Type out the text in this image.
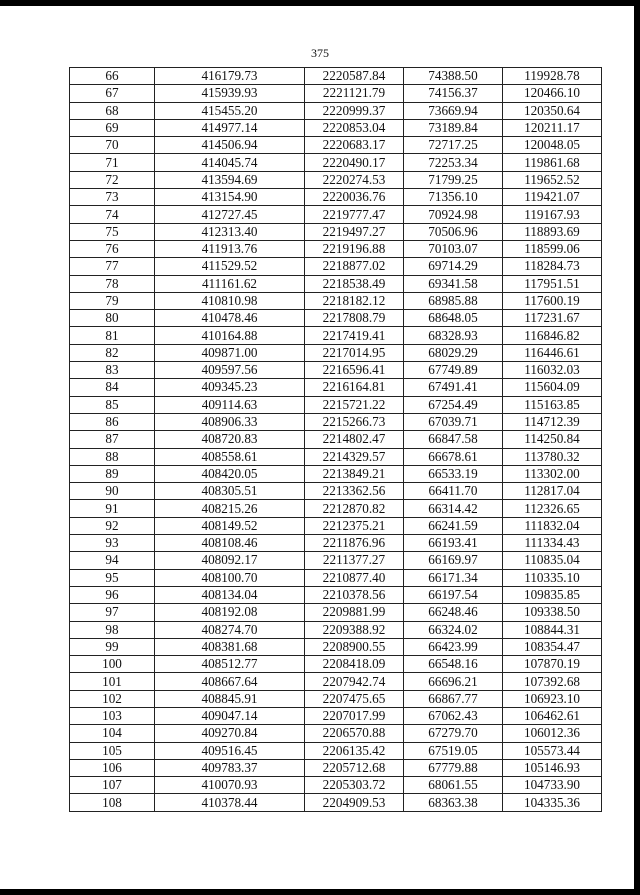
375
66	416179.73	2220587.84	74388.50	119928.78
67	415939.93	2221121.79	74156.37	120466.10
68	415455.20	2220999.37	73669.94	120350.64
69	414977.14	2220853.04	73189.84	120211.17
70	414506.94	2220683.17	72717.25	120048.05
71	414045.74	2220490.17	72253.34	119861.68
72	413594.69	2220274.53	71799.25	119652.52
73	413154.90	2220036.76	71356.10	119421.07
74	412727.45	2219777.47	70924.98	119167.93
75	412313.40	2219497.27	70506.96	118893.69
76	411913.76	2219196.88	70103.07	118599.06
77	411529.52	2218877.02	69714.29	118284.73
78	411161.62	2218538.49	69341.58	117951.51
79	410810.98	2218182.12	68985.88	117600.19
80	410478.46	2217808.79	68648.05	117231.67
81	410164.88	2217419.41	68328.93	116846.82
82	409871.00	2217014.95	68029.29	116446.61
83	409597.56	2216596.41	67749.89	116032.03
84	409345.23	2216164.81	67491.41	115604.09
85	409114.63	2215721.22	67254.49	115163.85
86	408906.33	2215266.73	67039.71	114712.39
87	408720.83	2214802.47	66847.58	114250.84
88	408558.61	2214329.57	66678.61	113780.32
89	408420.05	2213849.21	66533.19	113302.00
90	408305.51	2213362.56	66411.70	112817.04
91	408215.26	2212870.82	66314.42	112326.65
92	408149.52	2212375.21	66241.59	111832.04
93	408108.46	2211876.96	66193.41	111334.43
94	408092.17	2211377.27	66169.97	110835.04
95	408100.70	2210877.40	66171.34	110335.10
96	408134.04	2210378.56	66197.54	109835.85
97	408192.08	2209881.99	66248.46	109338.50
98	408274.70	2209388.92	66324.02	108844.31
99	408381.68	2208900.55	66423.99	108354.47
100	408512.77	2208418.09	66548.16	107870.19
101	408667.64	2207942.74	66696.21	107392.68
102	408845.91	2207475.65	66867.77	106923.10
103	409047.14	2207017.99	67062.43	106462.61
104	409270.84	2206570.88	67279.70	106012.36
105	409516.45	2206135.42	67519.05	105573.44
106	409783.37	2205712.68	67779.88	105146.93
107	410070.93	2205303.72	68061.55	104733.90
108	410378.44	2204909.53	68363.38	104335.36
